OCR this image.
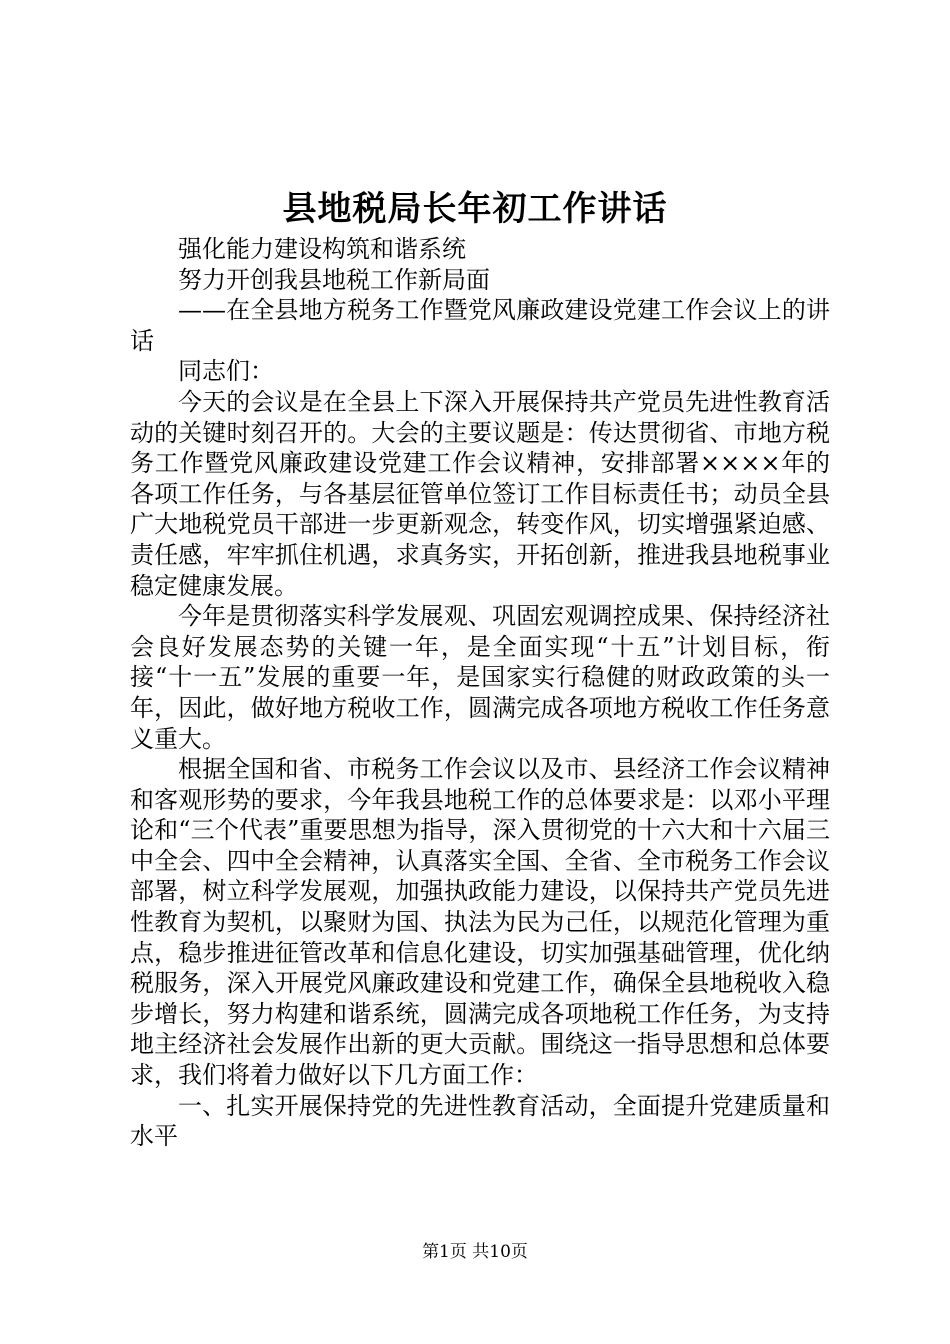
县地税局长年初工作讲话

强化能力建设构筑和谐系统

努力开创我县地税工作新局面

——在全县地方税务工作暨党风廉政建设党建工作会议上的讲话

同志们：

今天的会议是在全县上下深入开展保持共产党员先进性教育活动的关键时刻召开的。大会的主要议题是：传达贯彻省、市地方税务工作暨党风廉政建设党建工作会议精神，安排部署××××年的各项工作任务，与各基层征管单位签订工作目标责任书；动员全县广大地税党员干部进一步更新观念，转变作风，切实增强紧迫感、责任感，牢牢抓住机遇，求真务实，开拓创新，推进我县地税事业稳定健康发展。

今年是贯彻落实科学发展观、巩固宏观调控成果、保持经济社会良好发展态势的关键一年，是全面实现“十五”计划目标，衔接“十一五”发展的重要一年，是国家实行稳健的财政政策的头一年，因此，做好地方税收工作，圆满完成各项地方税收工作任务意义重大。

根据全国和省、市税务工作会议以及市、县经济工作会议精神和客观形势的要求，今年我县地税工作的总体要求是：以邓小平理论和“三个代表”重要思想为指导，深入贯彻党的十六大和十六届三中全会、四中全会精神，认真落实全国、全省、全市税务工作会议部署，树立科学发展观，加强执政能力建设，以保持共产党员先进性教育为契机，以聚财为国、执法为民为己任，以规范化管理为重点，稳步推进征管改革和信息化建设，切实加强基础管理，优化纳税服务，深入开展党风廉政建设和党建工作，确保全县地税收入稳步增长，努力构建和谐系统，圆满完成各项地税工作任务，为支持地主经济社会发展作出新的更大贡献。围绕这一指导思想和总体要求，我们将着力做好以下几方面工作：

一、扎实开展保持党的先进性教育活动，全面提升党建质量和水平

第1页 共10页
